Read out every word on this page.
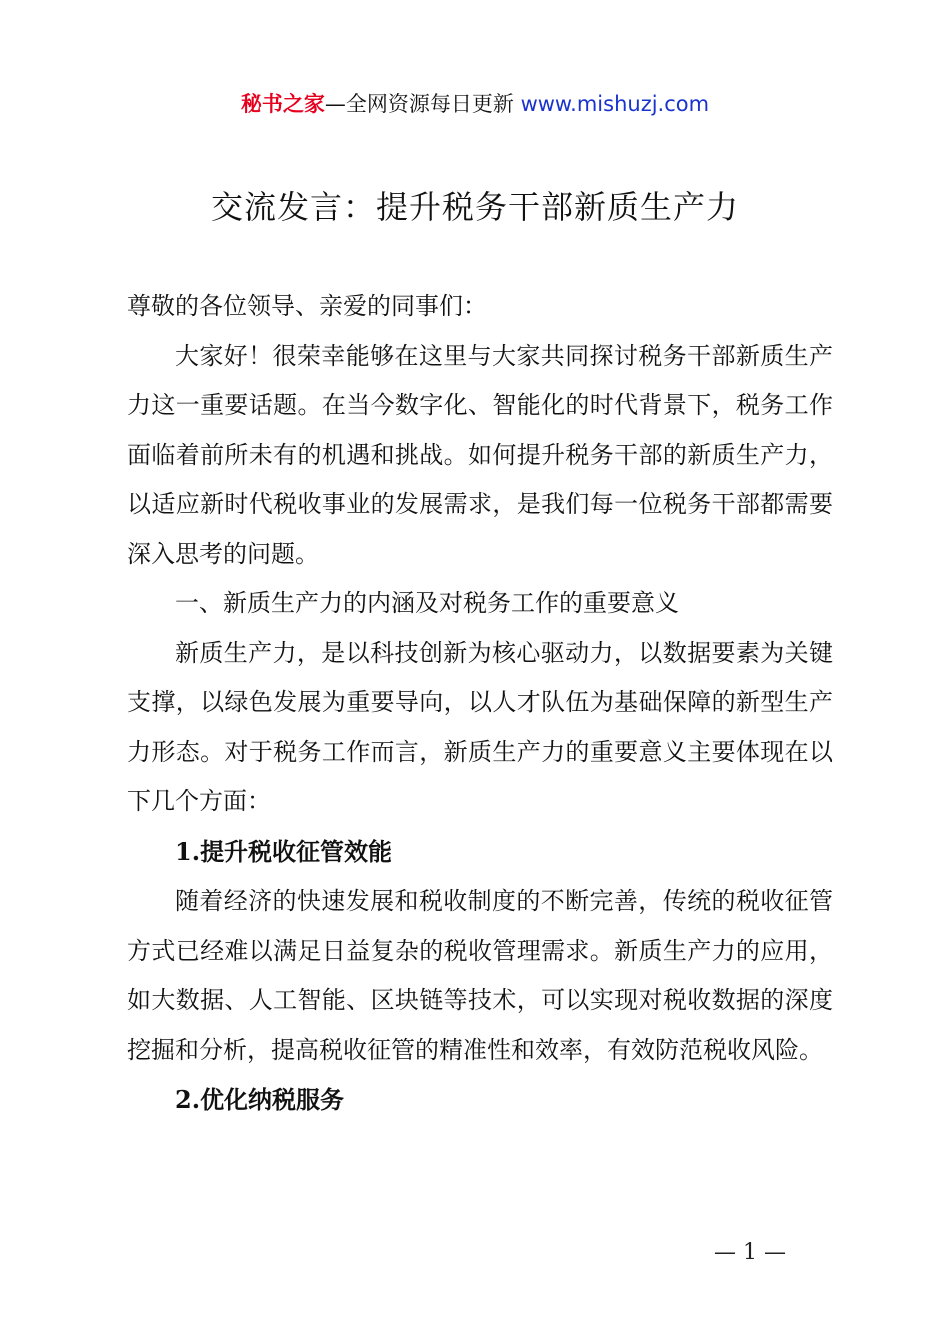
秘书之家—全网资源每日更新 www.mishuzj.com
交流发言：提升税务干部新质生产力

尊敬的各位领导、亲爱的同事们：

大家好！很荣幸能够在这里与大家共同探讨税务干部新质生产力这一重要话题。在当今数字化、智能化的时代背景下，税务工作面临着前所未有的机遇和挑战。如何提升税务干部的新质生产力，以适应新时代税收事业的发展需求，是我们每一位税务干部都需要深入思考的问题。

一、新质生产力的内涵及对税务工作的重要意义

新质生产力，是以科技创新为核心驱动力，以数据要素为关键支撑，以绿色发展为重要导向，以人才队伍为基础保障的新型生产力形态。对于税务工作而言，新质生产力的重要意义主要体现在以下几个方面：

1.提升税收征管效能

随着经济的快速发展和税收制度的不断完善，传统的税收征管方式已经难以满足日益复杂的税收管理需求。新质生产力的应用，如大数据、人工智能、区块链等技术，可以实现对税收数据的深度挖掘和分析，提高税收征管的精准性和效率，有效防范税收风险。

2.优化纳税服务

— 1 —
